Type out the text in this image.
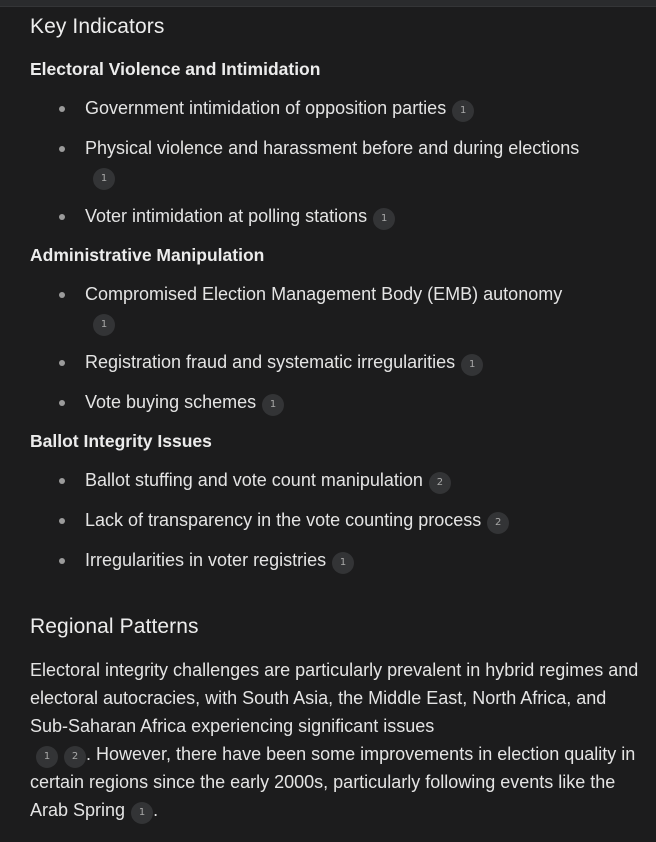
Key Indicators
Electoral Violence and Intimidation
Government intimidation of opposition parties 1
Physical violence and harassment before and during elections
1
Voter intimidation at polling stations 1
Administrative Manipulation
Compromised Election Management Body (EMB) autonomy
1
Registration fraud and systematic irregularities 1
Vote buying schemes 1
Ballot Integrity Issues
Ballot stuffing and vote count manipulation 2
Lack of transparency in the vote counting process 2
Irregularities in voter registries 1
Regional Patterns

Electoral integrity challenges are particularly prevalent in hybrid regimes and electoral autocracies, with South Asia, the Middle East, North Africa, and Sub-Saharan Africa experiencing significant issues
1 2 . However, there have been some improvements in election quality in certain regions since the early 2000s, particularly following events like the Arab Spring 1 .
